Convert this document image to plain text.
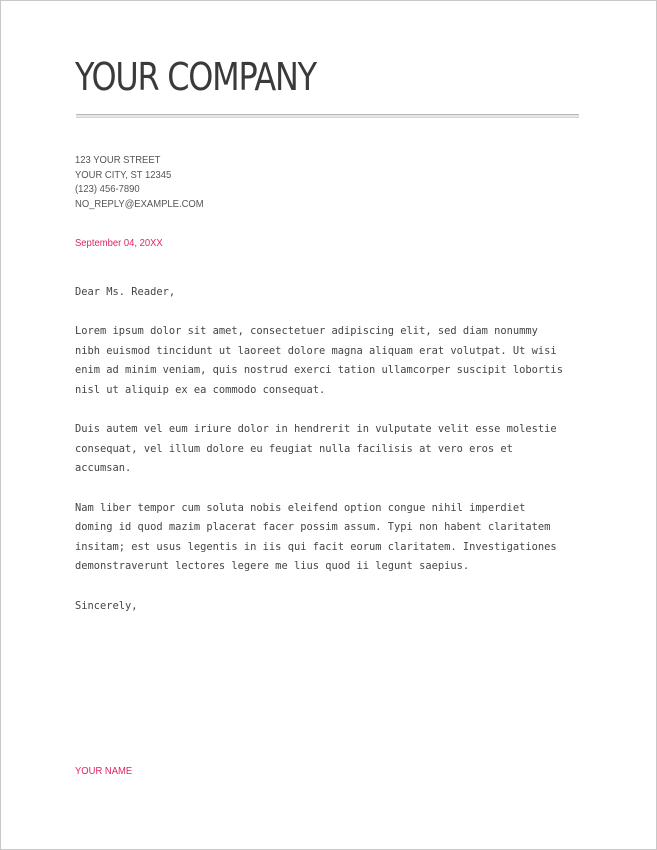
YOUR COMPANY
123 YOUR STREET
YOUR CITY, ST 12345
(123) 456-7890
NO_REPLY@EXAMPLE.COM
September 04, 20XX

Dear Ms. Reader,

Lorem ipsum dolor sit amet, consectetuer adipiscing elit, sed diam nonummy
nibh euismod tincidunt ut laoreet dolore magna aliquam erat volutpat. Ut wisi
enim ad minim veniam, quis nostrud exerci tation ullamcorper suscipit lobortis
nisl ut aliquip ex ea commodo consequat.

Duis autem vel eum iriure dolor in hendrerit in vulputate velit esse molestie
consequat, vel illum dolore eu feugiat nulla facilisis at vero eros et
accumsan.

Nam liber tempor cum soluta nobis eleifend option congue nihil imperdiet
doming id quod mazim placerat facer possim assum. Typi non habent claritatem
insitam; est usus legentis in iis qui facit eorum claritatem. Investigationes
demonstraverunt lectores legere me lius quod ii legunt saepius.

Sincerely,

YOUR NAME
